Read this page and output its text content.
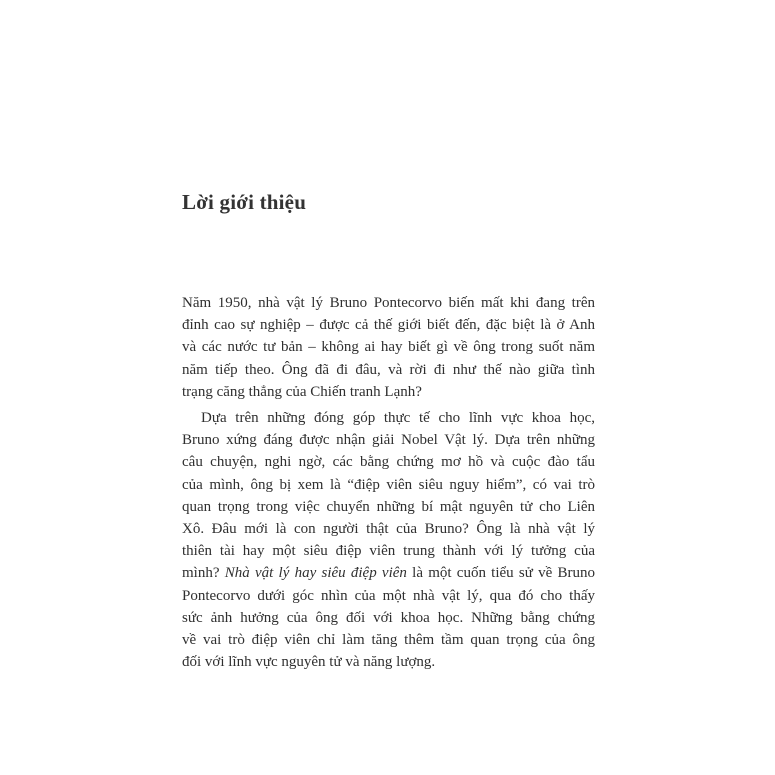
Lời giới thiệu

Năm 1950, nhà vật lý Bruno Pontecorvo biến mất khi đang trên
đỉnh cao sự nghiệp – được cả thế giới biết đến, đặc biệt là ở Anh
và các nước tư bản – không ai hay biết gì về ông trong suốt năm
năm tiếp theo. Ông đã đi đâu, và rời đi như thế nào giữa tình
trạng căng thẳng của Chiến tranh Lạnh?

Dựa trên những đóng góp thực tế cho lĩnh vực khoa học,
Bruno xứng đáng được nhận giải Nobel Vật lý. Dựa trên những
câu chuyện, nghi ngờ, các bằng chứng mơ hồ và cuộc đào tẩu
của mình, ông bị xem là “điệp viên siêu nguy hiểm”, có vai trò
quan trọng trong việc chuyển những bí mật nguyên tử cho Liên
Xô. Đâu mới là con người thật của Bruno? Ông là nhà vật lý
thiên tài hay một siêu điệp viên trung thành với lý tưởng của
mình? Nhà vật lý hay siêu điệp viên là một cuốn tiểu sử về Bruno
Pontecorvo dưới góc nhìn của một nhà vật lý, qua đó cho thấy
sức ảnh hưởng của ông đối với khoa học. Những bằng chứng
về vai trò điệp viên chỉ làm tăng thêm tầm quan trọng của ông
đối với lĩnh vực nguyên tử và năng lượng.
